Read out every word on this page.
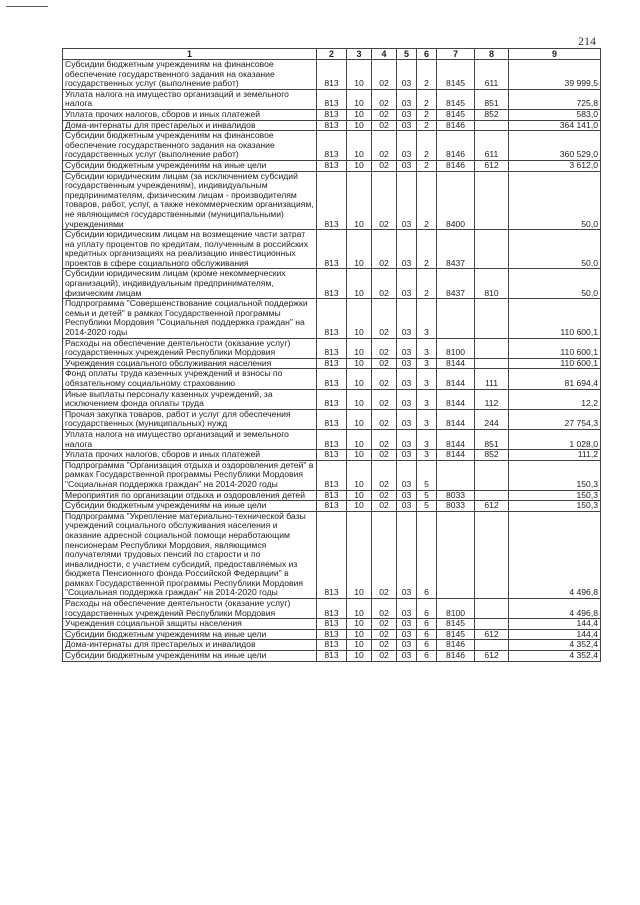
214
1	2	3	4	5	6	7	8	9
Субсидии бюджетным учреждениям на финансовое обеспечение государственного задания на оказание государственных услуг (выполнение работ)	813	10	02	03	2	8145	611	39 999,5
Уплата налога на имущество организаций и земельного налога	813	10	02	03	2	8145	851	725,8
Уплата прочих налогов, сборов и иных платежей	813	10	02	03	2	8145	852	583,0
Дома-интернаты для престарелых и инвалидов	813	10	02	03	2	8146		364 141,0
Субсидии бюджетным учреждениям на финансовое обеспечение государственного задания на оказание государственных услуг (выполнение работ)	813	10	02	03	2	8146	611	360 529,0
Субсидии бюджетным учреждениям на иные цели	813	10	02	03	2	8146	612	3 612,0
Субсидии юридическим лицам (за исключением субсидий государственным учреждениям), индивидуальным предпринимателям, физическим лицам - производителям товаров, работ, услуг, а также некоммерческим организациям, не являющимся государственными (муниципальными) учреждениями	813	10	02	03	2	8400		50,0
Субсидии юридическим лицам на возмещение части затрат на уплату процентов по кредитам, полученным в российских кредитных организациях на реализацию инвестиционных проектов в сфере социального обслуживания	813	10	02	03	2	8437		50,0
Субсидии юридическим лицам (кроме некоммерческих организаций), индивидуальным предпринимателям, физическим лицам	813	10	02	03	2	8437	810	50,0
Подпрограмма "Совершенствование социальной поддержки семьи и детей" в рамках Государственной программы Республики Мордовия "Социальная поддержка граждан" на 2014-2020 годы	813	10	02	03	3			110 600,1
Расходы на обеспечение деятельности (оказание услуг) государственных учреждений Республики Мордовия	813	10	02	03	3	8100		110 600,1
Учреждения социального обслуживания населения	813	10	02	03	3	8144		110 600,1
Фонд оплаты труда казенных учреждений и взносы по обязательному социальному страхованию	813	10	02	03	3	8144	111	81 694,4
Иные выплаты персоналу казенных учреждений, за исключением фонда оплаты труда	813	10	02	03	3	8144	112	12,2
Прочая закупка товаров, работ и услуг для обеспечения государственных (муниципальных) нужд	813	10	02	03	3	8144	244	27 754,3
Уплата налога на имущество организаций и земельного налога	813	10	02	03	3	8144	851	1 028,0
Уплата прочих налогов, сборов и иных платежей	813	10	02	03	3	8144	852	111,2
Подпрограмма "Организация отдыха и оздоровления детей" в рамках Государственной программы Республики Мордовия "Социальная поддержка граждан" на 2014-2020 годы	813	10	02	03	5			150,3
Мероприятия по организации отдыха и оздоровления детей	813	10	02	03	5	8033		150,3
Субсидии бюджетным учреждениям на иные цели	813	10	02	03	5	8033	612	150,3
Подпрограмма "Укрепление материально-технической базы учреждений социального обслуживания населения и оказание адресной социальной помощи неработающим пенсионерам Республики Мордовия, являющимся получателями трудовых пенсий по старости и по инвалидности, с участием субсидий, предоставляемых из бюджета Пенсионного фонда Российской Федерации" в рамках Государственной программы Республики Мордовия "Социальная поддержка граждан" на 2014-2020 годы	813	10	02	03	6			4 496,8
Расходы на обеспечение деятельности (оказание услуг) государственных учреждений Республики Мордовия	813	10	02	03	6	8100		4 496,8
Учреждения социальной защиты населения	813	10	02	03	6	8145		144,4
Субсидии бюджетным учреждениям на иные цели	813	10	02	03	6	8145	612	144,4
Дома-интернаты для престарелых и инвалидов	813	10	02	03	6	8146		4 352,4
Субсидии бюджетным учреждениям на иные цели	813	10	02	03	6	8146	612	4 352,4
